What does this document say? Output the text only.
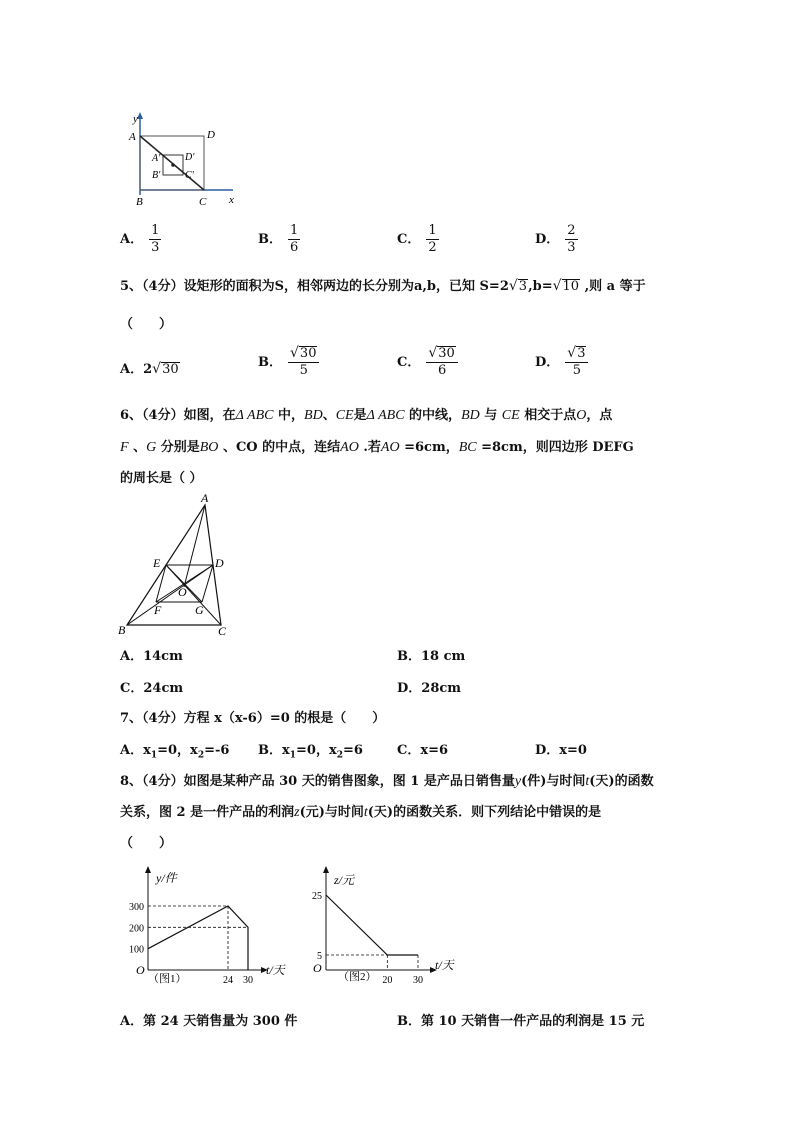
y
x
A	D
A' D'
B' C'
B	C
A． $\frac{1}{3}$	B． $\frac{1}{6}$	C． $\frac{1}{2}$	D． $\frac{2}{3}$
5、（4分）设矩形的面积为S，相邻两边的长分别为a,b，已知 S=2 √ 3 ,b= √ 10 ,则 a 等于
（　　）
A．2 √ 30	B． $\frac{√ 30}{5}$	C． $\frac{√ 30}{6}$	D． $\frac{√ 3}{5}$
6、（4分）如图，在Δ ABC 中，BD、CE是Δ ABC 的中线，BD 与 CE 相交于点O，点
F 、G 分别是BO 、CO 的中点，连结AO .若AO =6cm，BC =8cm，则四边形 DEFG
的周长是（ ）
A
E	D
O
F	G
B	C
A．14cm	B．18 cm
C．24cm	D．28cm
7、（4分）方程 x（x-6）=0 的根是（　　）
A．$x_1=0$，$x_2=-6$ B．$x_1=0$，$x_2=6$	C．x=6	D．x=0
8、（4分）如图是某种产品 30 天的销售图象，图 1 是产品日销售量y(件)与时间t(天)的函数
关系，图 2 是一件产品的利润z(元)与时间t(天)的函数关系．则下列结论中错误的是
（　　）
300
200
100
24 30
y/件
t/天
O
（图1）
25
5
20 30
z/元
t/天
O
（图2）
A．第 24 天销售量为 300 件	B．第 10 天销售一件产品的利润是 15 元
